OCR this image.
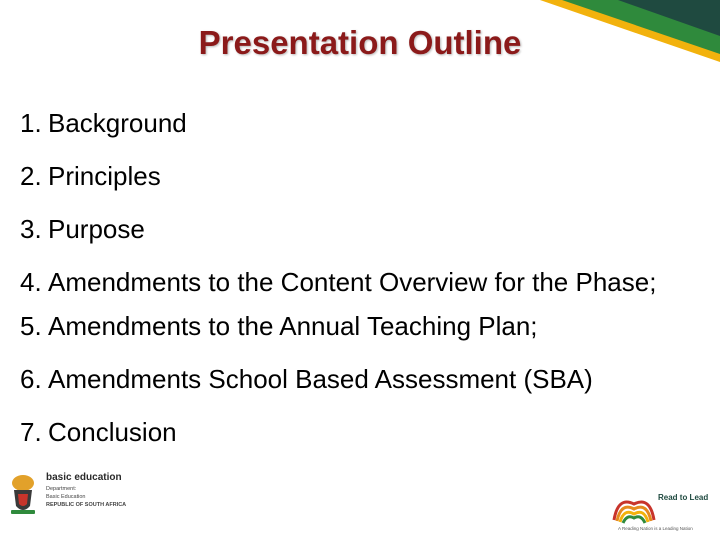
Presentation Outline
1. Background
2. Principles
3. Purpose
4. Amendments to the Content Overview for the Phase;
5. Amendments to the Annual Teaching Plan;
6. Amendments School Based Assessment (SBA)
7. Conclusion
basic education
Department:
Basic Education
REPUBLIC OF SOUTH AFRICA
Read to Lead
A Reading Nation is a Leading Nation
